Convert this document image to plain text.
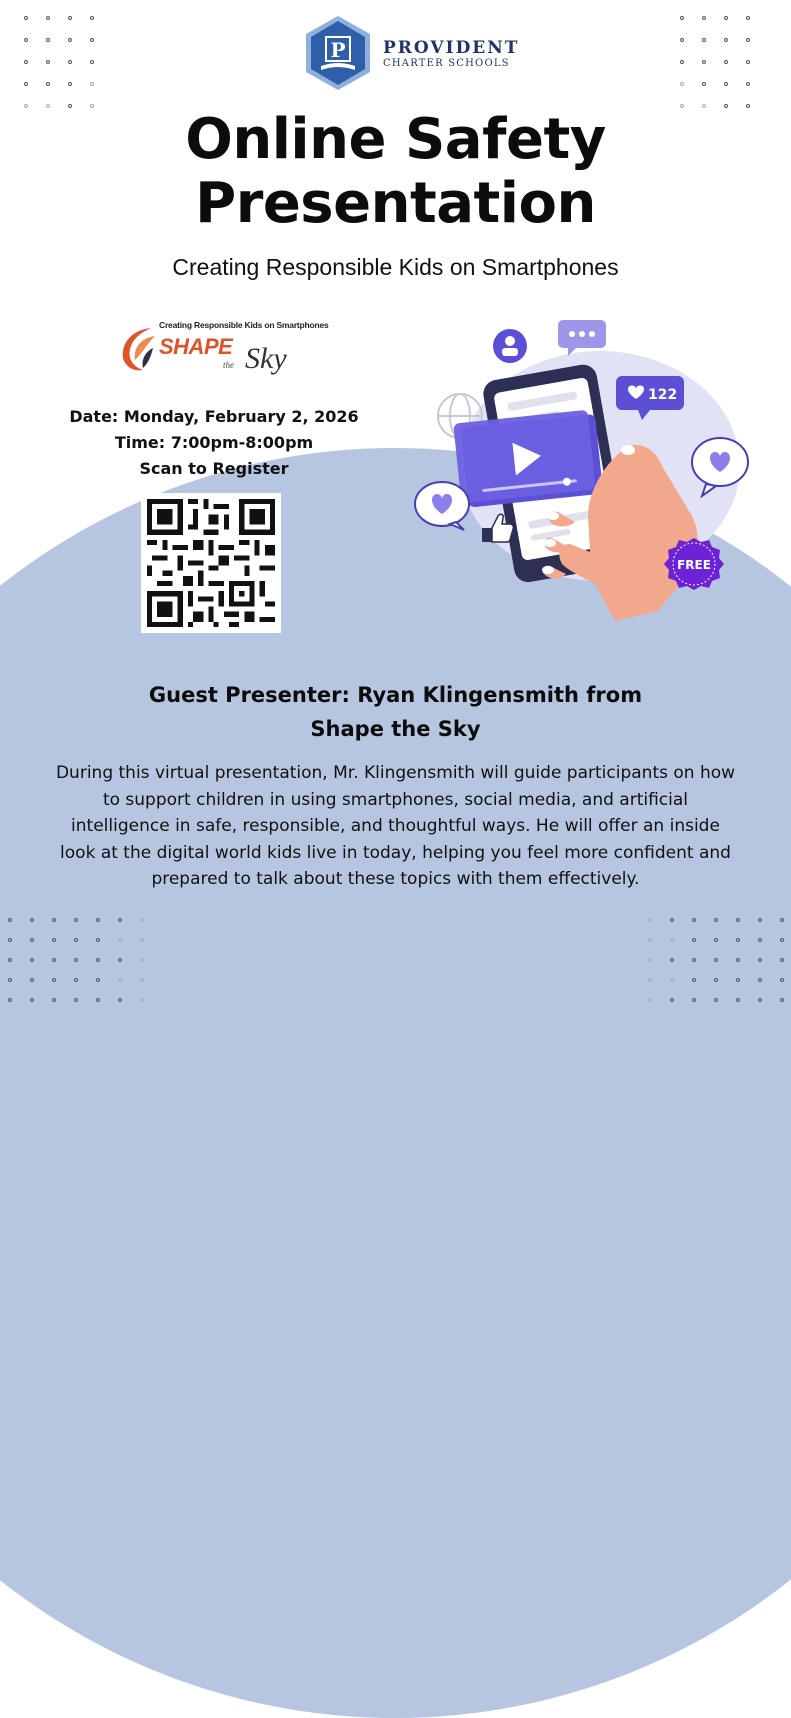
P PROVIDENT
CHARTER SCHOOLS
Online Safety
Presentation
Creating Responsible Kids on Smartphones
Creating Responsible Kids on Smartphones
SHAPE
the Sky
Date: Monday, February 2, 2026
Time: 7:00pm-8:00pm
Scan to Register
122
FREE
Guest Presenter: Ryan Klingensmith from
Shape the Sky
During this virtual presentation, Mr. Klingensmith will guide participants on how to support children in using smartphones, social media, and artificial intelligence in safe, responsible, and thoughtful ways. He will offer an inside look at the digital world kids live in today, helping you feel more confident and prepared to talk about these topics with them effectively.
